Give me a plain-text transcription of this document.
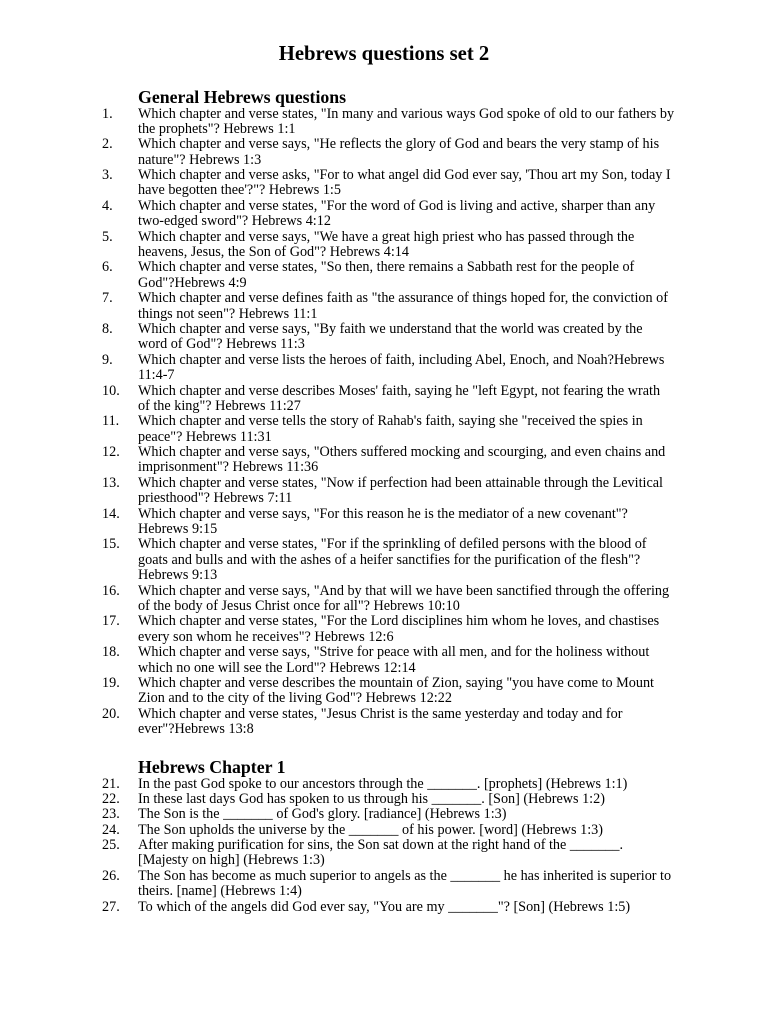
Hebrews questions set 2
General Hebrews questions
1. Which chapter and verse states, "In many and various ways God spoke of old to our fathers by
the prophets"? Hebrews 1:1
2. Which chapter and verse says, "He reflects the glory of God and bears the very stamp of his
nature"? Hebrews 1:3
3. Which chapter and verse asks, "For to what angel did God ever say, 'Thou art my Son, today I
have begotten thee'?"? Hebrews 1:5
4. Which chapter and verse states, "For the word of God is living and active, sharper than any
two-edged sword"? Hebrews 4:12
5. Which chapter and verse says, "We have a great high priest who has passed through the
heavens, Jesus, the Son of God"? Hebrews 4:14
6. Which chapter and verse states, "So then, there remains a Sabbath rest for the people of
God"?Hebrews 4:9
7. Which chapter and verse defines faith as "the assurance of things hoped for, the conviction of
things not seen"? Hebrews 11:1
8. Which chapter and verse says, "By faith we understand that the world was created by the
word of God"? Hebrews 11:3
9. Which chapter and verse lists the heroes of faith, including Abel, Enoch, and Noah?Hebrews
11:4-7
10. Which chapter and verse describes Moses' faith, saying he "left Egypt, not fearing the wrath
of the king"? Hebrews 11:27
11. Which chapter and verse tells the story of Rahab's faith, saying she "received the spies in
peace"? Hebrews 11:31
12. Which chapter and verse says, "Others suffered mocking and scourging, and even chains and
imprisonment"? Hebrews 11:36
13. Which chapter and verse states, "Now if perfection had been attainable through the Levitical
priesthood"? Hebrews 7:11
14. Which chapter and verse says, "For this reason he is the mediator of a new covenant"?
Hebrews 9:15
15. Which chapter and verse states, "For if the sprinkling of defiled persons with the blood of
goats and bulls and with the ashes of a heifer sanctifies for the purification of the flesh"?
Hebrews 9:13
16. Which chapter and verse says, "And by that will we have been sanctified through the offering
of the body of Jesus Christ once for all"? Hebrews 10:10
17. Which chapter and verse states, "For the Lord disciplines him whom he loves, and chastises
every son whom he receives"? Hebrews 12:6
18. Which chapter and verse says, "Strive for peace with all men, and for the holiness without
which no one will see the Lord"? Hebrews 12:14
19. Which chapter and verse describes the mountain of Zion, saying "you have come to Mount
Zion and to the city of the living God"? Hebrews 12:22
20. Which chapter and verse states, "Jesus Christ is the same yesterday and today and for
ever"?Hebrews 13:8
Hebrews Chapter 1
21. In the past God spoke to our ancestors through the _______. [prophets] (Hebrews 1:1)
22. In these last days God has spoken to us through his _______. [Son] (Hebrews 1:2)
23. The Son is the _______ of God's glory. [radiance] (Hebrews 1:3)
24. The Son upholds the universe by the _______ of his power. [word] (Hebrews 1:3)
25. After making purification for sins, the Son sat down at the right hand of the _______.
[Majesty on high] (Hebrews 1:3)
26. The Son has become as much superior to angels as the _______ he has inherited is superior to
theirs. [name] (Hebrews 1:4)
27. To which of the angels did God ever say, "You are my _______"? [Son] (Hebrews 1:5)
